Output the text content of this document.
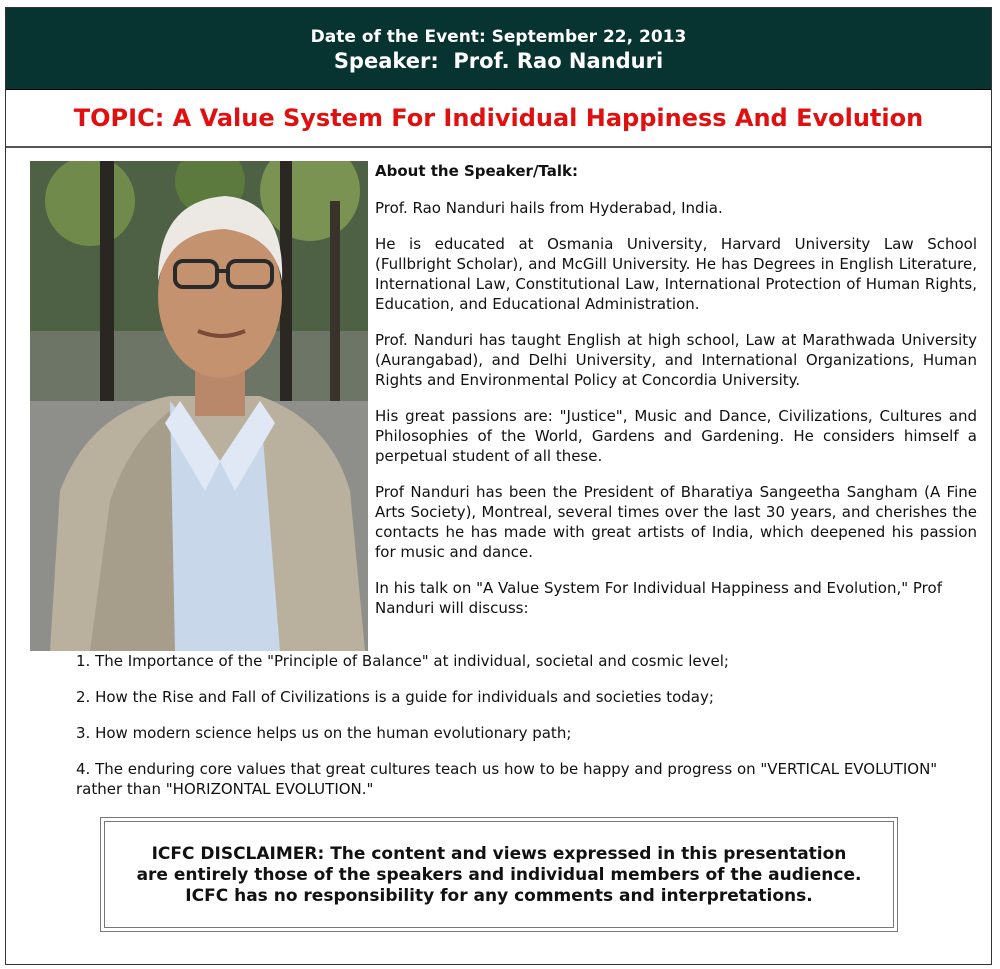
Date of the Event: September 22, 2013
Speaker:  Prof. Rao Nanduri
TOPIC: A Value System For Individual Happiness And Evolution

About the Speaker/Talk:

Prof. Rao Nanduri hails from Hyderabad, India.

He is educated at Osmania University, Harvard University Law School (Fullbright Scholar), and McGill University. He has Degrees in English Literature, International Law, Constitutional Law, International Protection of Human Rights, Education, and Educational Administration.

Prof. Nanduri has taught English at high school, Law at Marathwada University (Aurangabad), and Delhi University, and International Organizations, Human Rights and Environmental Policy at Concordia University.

His great passions are: "Justice", Music and Dance, Civilizations, Cultures and Philosophies of the World, Gardens and Gardening. He considers himself a perpetual student of all these.

Prof Nanduri has been the President of Bharatiya Sangeetha Sangham (A Fine Arts Society), Montreal, several times over the last 30 years, and cherishes the contacts he has made with great artists of India, which deepened his passion for music and dance.

In his talk on "A Value System For Individual Happiness and Evolution," Prof Nanduri will discuss:

1. The Importance of the "Principle of Balance" at individual, societal and cosmic level;
2. How the Rise and Fall of Civilizations is a guide for individuals and societies today;
3. How modern science helps us on the human evolutionary path;
4. The enduring core values that great cultures teach us how to be happy and progress on "VERTICAL EVOLUTION" rather than "HORIZONTAL EVOLUTION."
ICFC DISCLAIMER: The content and views expressed in this presentation
are entirely those of the speakers and individual members of the audience.
ICFC has no responsibility for any comments and interpretations.
